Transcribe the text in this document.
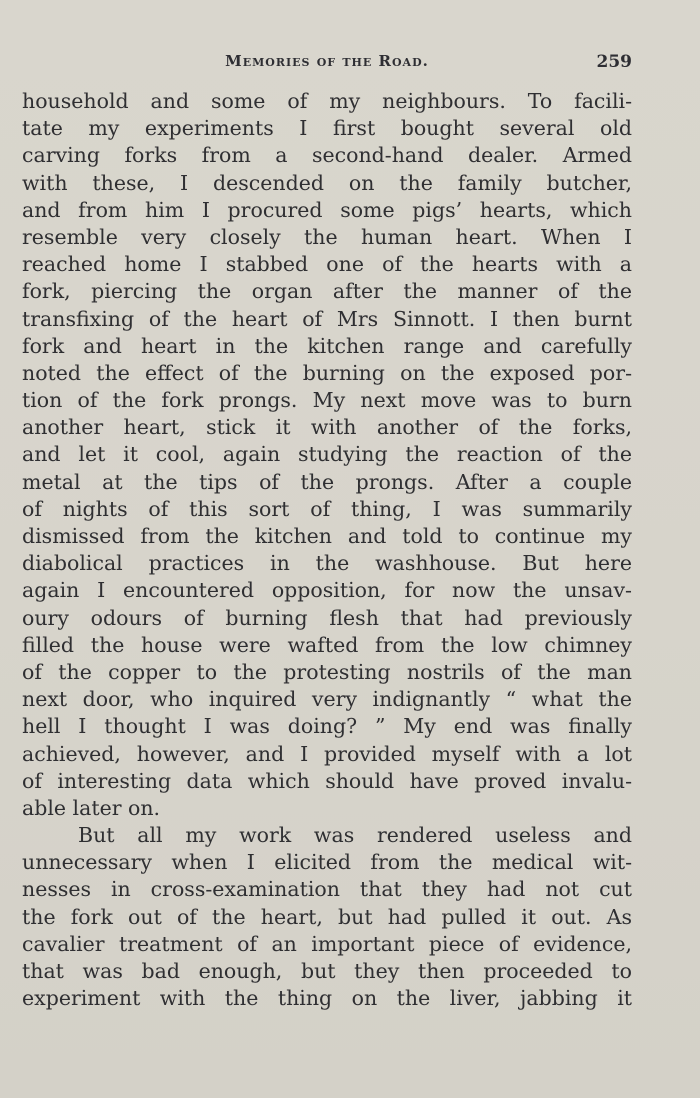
Memories of the Road.	259
household and some of my neighbours. To facili-
tate my experiments I first bought several old
carving forks from a second-hand dealer. Armed
with these, I descended on the family butcher,
and from him I procured some pigs’ hearts, which
resemble very closely the human heart. When I
reached home I stabbed one of the hearts with a
fork, piercing the organ after the manner of the
transfixing of the heart of Mrs Sinnott. I then burnt
fork and heart in the kitchen range and carefully
noted the effect of the burning on the exposed por-
tion of the fork prongs. My next move was to burn
another heart, stick it with another of the forks,
and let it cool, again studying the reaction of the
metal at the tips of the prongs. After a couple
of nights of this sort of thing, I was summarily
dismissed from the kitchen and told to continue my
diabolical practices in the washhouse. But here
again I encountered opposition, for now the unsav-
oury odours of burning flesh that had previously
filled the house were wafted from the low chimney
of the copper to the protesting nostrils of the man
next door, who inquired very indignantly “ what the
hell I thought I was doing? ” My end was finally
achieved, however, and I provided myself with a lot
of interesting data which should have proved invalu-
able later on.
But all my work was rendered useless and
unnecessary when I elicited from the medical wit-
nesses in cross-examination that they had not cut
the fork out of the heart, but had pulled it out. As
cavalier treatment of an important piece of evidence,
that was bad enough, but they then proceeded to
experiment with the thing on the liver, jabbing it
